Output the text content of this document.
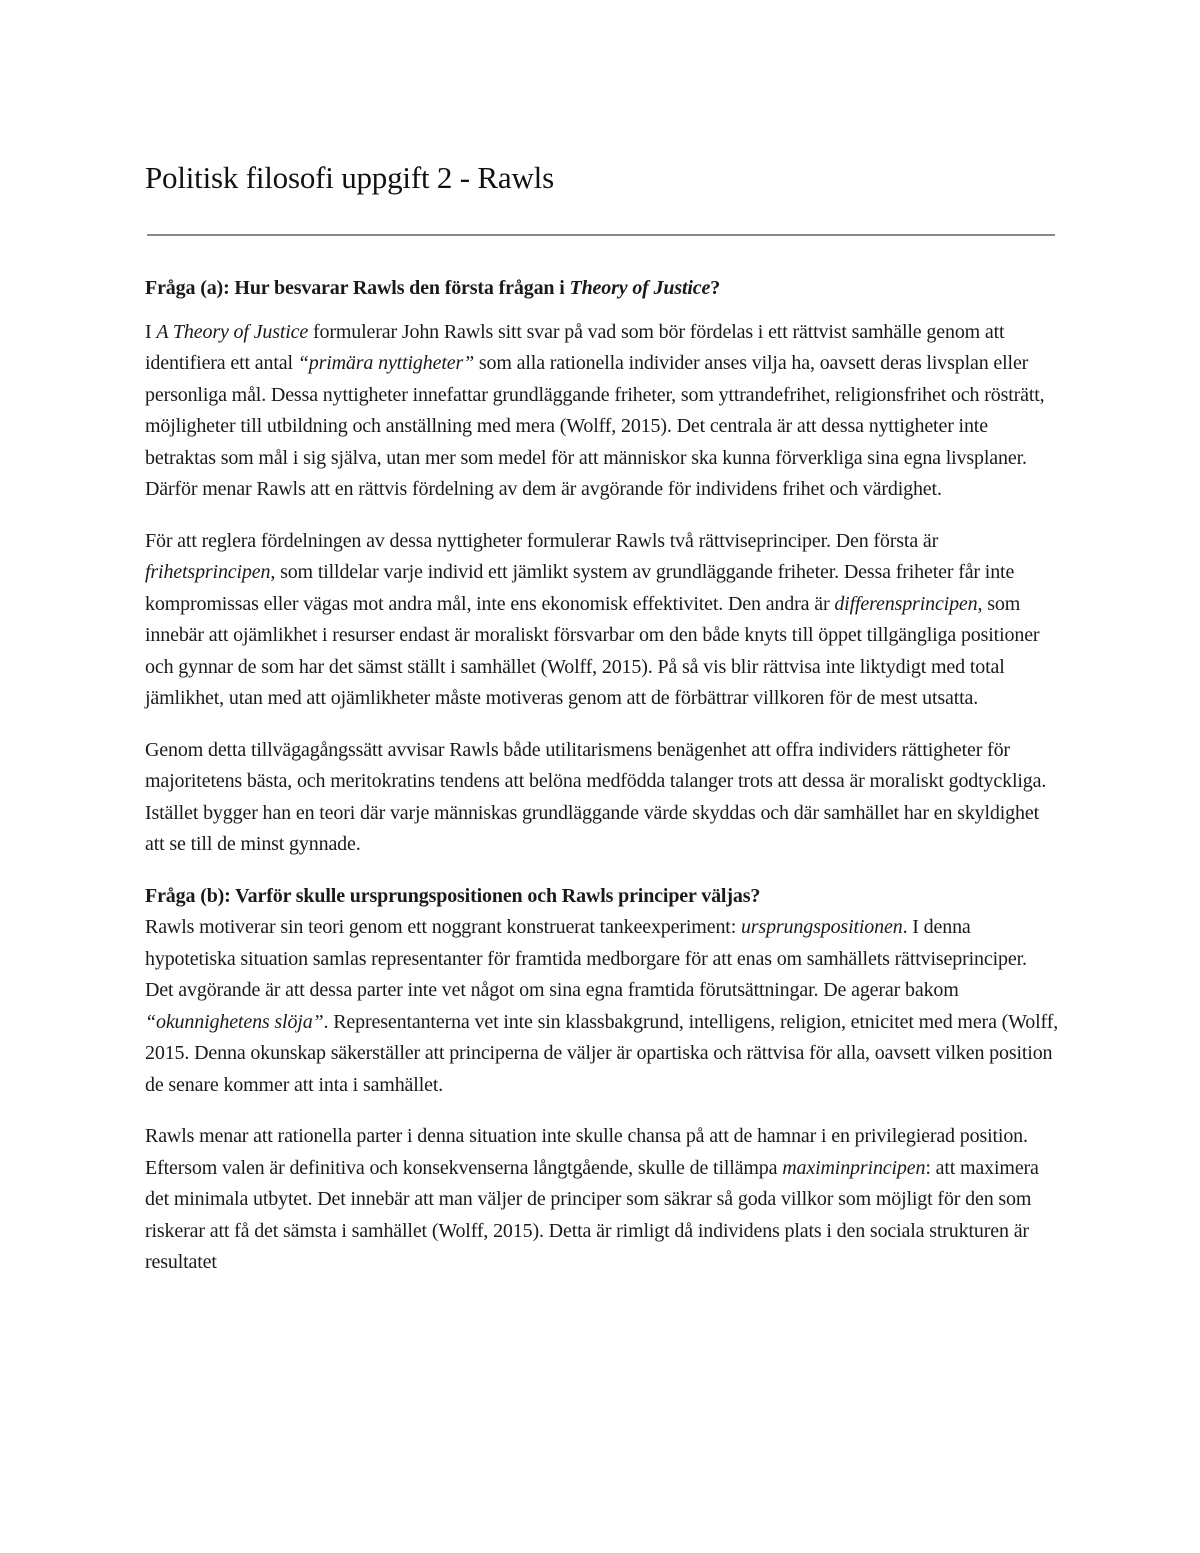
Politisk filosofi uppgift 2 - Rawls

Fråga (a): Hur besvarar Rawls den första frågan i Theory of Justice?

I A Theory of Justice formulerar John Rawls sitt svar på vad som bör fördelas i ett rättvist samhälle genom att identifiera ett antal “primära nyttigheter” som alla rationella individer anses vilja ha, oavsett deras livsplan eller personliga mål. Dessa nyttigheter innefattar grundläggande friheter, som yttrandefrihet, religionsfrihet och rösträtt, möjligheter till utbildning och anställning med mera (Wolff, 2015). Det centrala är att dessa nyttigheter inte betraktas som mål i sig själva, utan mer som medel för att människor ska kunna förverkliga sina egna livsplaner. Därför menar Rawls att en rättvis fördelning av dem är avgörande för individens frihet och värdighet.

För att reglera fördelningen av dessa nyttigheter formulerar Rawls två rättviseprinciper. Den första är frihetsprincipen, som tilldelar varje individ ett jämlikt system av grundläggande friheter. Dessa friheter får inte kompromissas eller vägas mot andra mål, inte ens ekonomisk effektivitet. Den andra är differensprincipen, som innebär att ojämlikhet i resurser endast är moraliskt försvarbar om den både knyts till öppet tillgängliga positioner och gynnar de som har det sämst ställt i samhället (Wolff, 2015). På så vis blir rättvisa inte liktydigt med total jämlikhet, utan med att ojämlikheter måste motiveras genom att de förbättrar villkoren för de mest utsatta.

Genom detta tillvägagångssätt avvisar Rawls både utilitarismens benägenhet att offra individers rättigheter för majoritetens bästa, och meritokratins tendens att belöna medfödda talanger trots att dessa är moraliskt godtyckliga. Istället bygger han en teori där varje människas grundläggande värde skyddas och där samhället har en skyldighet att se till de minst gynnade.

Fråga (b): Varför skulle ursprungspositionen och Rawls principer väljas?

Rawls motiverar sin teori genom ett noggrant konstruerat tankeexperiment: ursprungspositionen. I denna hypotetiska situation samlas representanter för framtida medborgare för att enas om samhällets rättviseprinciper. Det avgörande är att dessa parter inte vet något om sina egna framtida förutsättningar. De agerar bakom “okunnighetens slöja”. Representanterna vet inte sin klassbakgrund, intelligens, religion, etnicitet med mera (Wolff, 2015. Denna okunskap säkerställer att principerna de väljer är opartiska och rättvisa för alla, oavsett vilken position de senare kommer att inta i samhället.

Rawls menar att rationella parter i denna situation inte skulle chansa på att de hamnar i en privilegierad position. Eftersom valen är definitiva och konsekvenserna långtgående, skulle de tillämpa maximinprincipen: att maximera det minimala utbytet. Det innebär att man väljer de principer som säkrar så goda villkor som möjligt för den som riskerar att få det sämsta i samhället (Wolff, 2015). Detta är rimligt då individens plats i den sociala strukturen är resultatet
